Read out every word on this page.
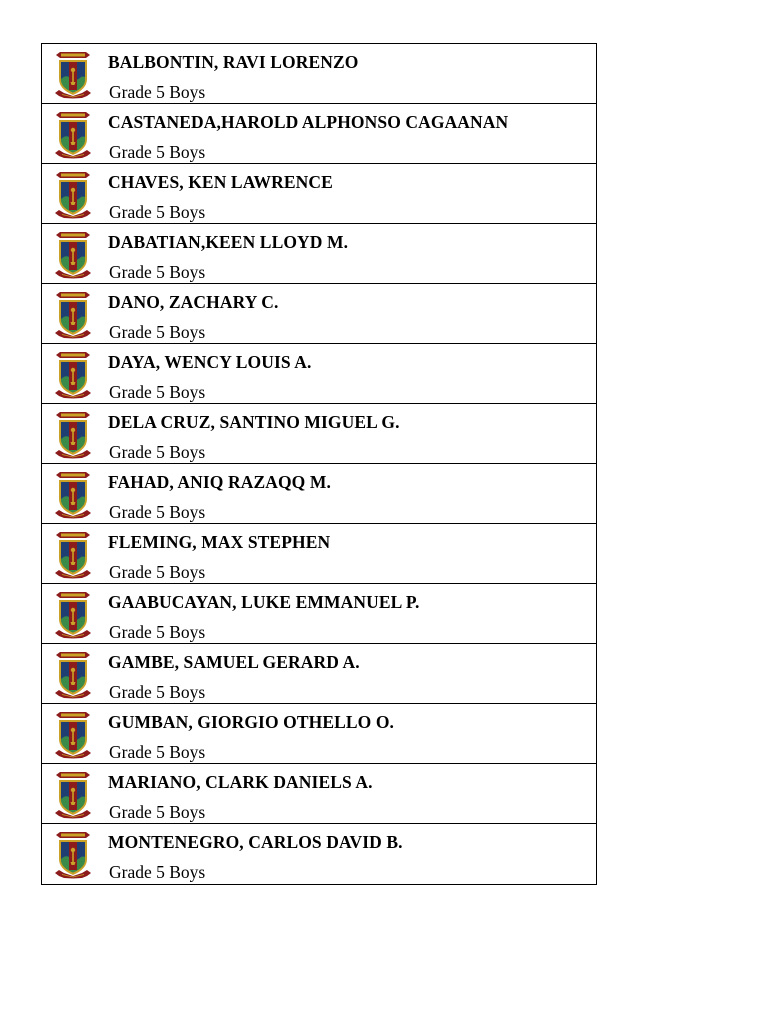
BALBONTIN, RAVI LORENZO
Grade 5 Boys
CASTANEDA,HAROLD ALPHONSO CAGAANAN
Grade 5 Boys
CHAVES, KEN LAWRENCE
Grade 5 Boys
DABATIAN,KEEN LLOYD M.
Grade 5 Boys
DANO, ZACHARY C.
Grade 5 Boys
DAYA, WENCY LOUIS A.
Grade 5 Boys
DELA CRUZ, SANTINO MIGUEL G.
Grade 5 Boys
FAHAD, ANIQ RAZAQQ M.
Grade 5 Boys
FLEMING, MAX STEPHEN
Grade 5 Boys
GAABUCAYAN, LUKE EMMANUEL P.
Grade 5 Boys
GAMBE, SAMUEL GERARD A.
Grade 5 Boys
GUMBAN, GIORGIO OTHELLO O.
Grade 5 Boys
MARIANO, CLARK DANIELS A.
Grade 5 Boys
MONTENEGRO, CARLOS DAVID B.
Grade 5 Boys
